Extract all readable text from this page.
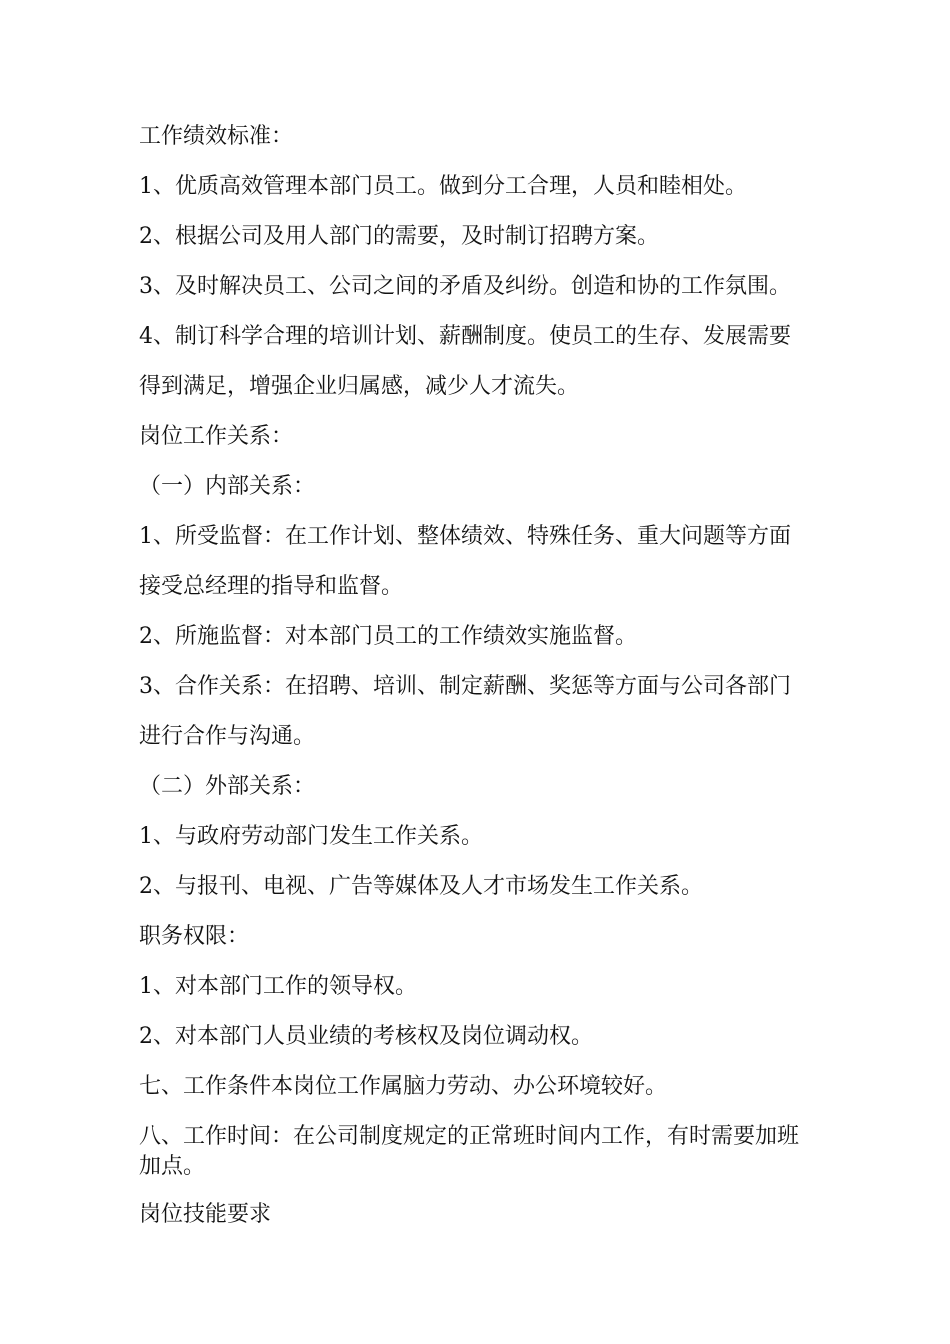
工作绩效标准：

1、优质高效管理本部门员工。做到分工合理，人员和睦相处。

2、根据公司及用人部门的需要，及时制订招聘方案。

3、及时解决员工、公司之间的矛盾及纠纷。创造和协的工作氛围。

4、制订科学合理的培训计划、薪酬制度。使员工的生存、发展需要得到满足，增强企业归属感，减少人才流失。

岗位工作关系：

（一）内部关系：

1、所受监督：在工作计划、整体绩效、特殊任务、重大问题等方面接受总经理的指导和监督。

2、所施监督：对本部门员工的工作绩效实施监督。

3、合作关系：在招聘、培训、制定薪酬、奖惩等方面与公司各部门进行合作与沟通。

（二）外部关系：

1、与政府劳动部门发生工作关系。

2、与报刊、电视、广告等媒体及人才市场发生工作关系。

职务权限：

1、对本部门工作的领导权。

2、对本部门人员业绩的考核权及岗位调动权。

七、工作条件本岗位工作属脑力劳动、办公环境较好。

八、工作时间：在公司制度规定的正常班时间内工作，有时需要加班加点。

岗位技能要求
